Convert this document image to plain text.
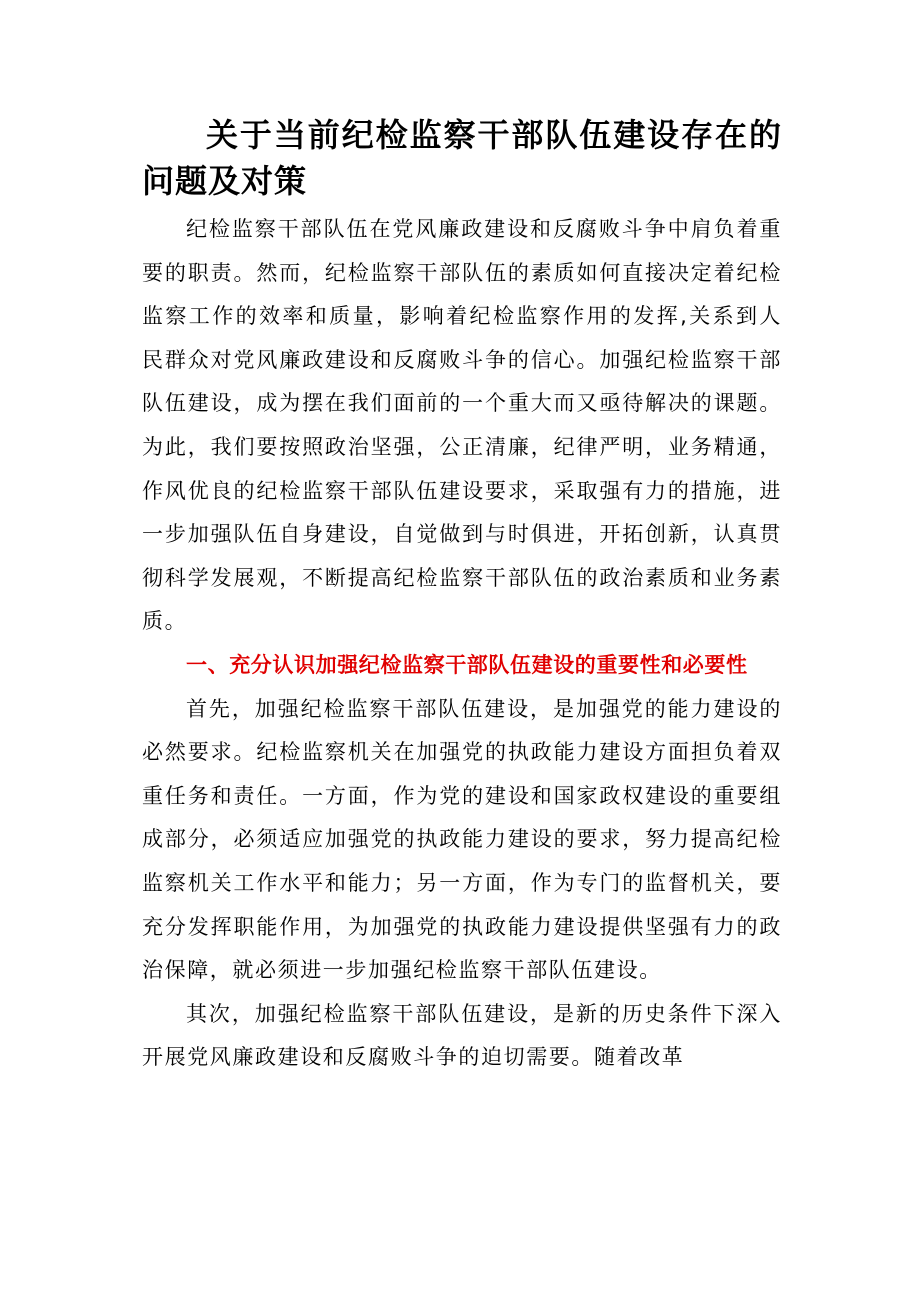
关于当前纪检监察干部队伍建设存在的问题及对策

纪检监察干部队伍在党风廉政建设和反腐败斗争中肩负着重要的职责。然而，纪检监察干部队伍的素质如何直接决定着纪检监察工作的效率和质量，影响着纪检监察作用的发挥,关系到人民群众对党风廉政建设和反腐败斗争的信心。加强纪检监察干部队伍建设，成为摆在我们面前的一个重大而又亟待解决的课题。为此，我们要按照政治坚强，公正清廉，纪律严明，业务精通，作风优良的纪检监察干部队伍建设要求，采取强有力的措施，进一步加强队伍自身建设，自觉做到与时俱进，开拓创新，认真贯彻科学发展观，不断提高纪检监察干部队伍的政治素质和业务素质。

一、充分认识加强纪检监察干部队伍建设的重要性和必要性

首先，加强纪检监察干部队伍建设，是加强党的能力建设的必然要求。纪检监察机关在加强党的执政能力建设方面担负着双重任务和责任。一方面，作为党的建设和国家政权建设的重要组成部分，必须适应加强党的执政能力建设的要求，努力提高纪检监察机关工作水平和能力；另一方面，作为专门的监督机关，要充分发挥职能作用，为加强党的执政能力建设提供坚强有力的政治保障，就必须进一步加强纪检监察干部队伍建设。

其次，加强纪检监察干部队伍建设，是新的历史条件下深入开展党风廉政建设和反腐败斗争的迫切需要。随着改革
